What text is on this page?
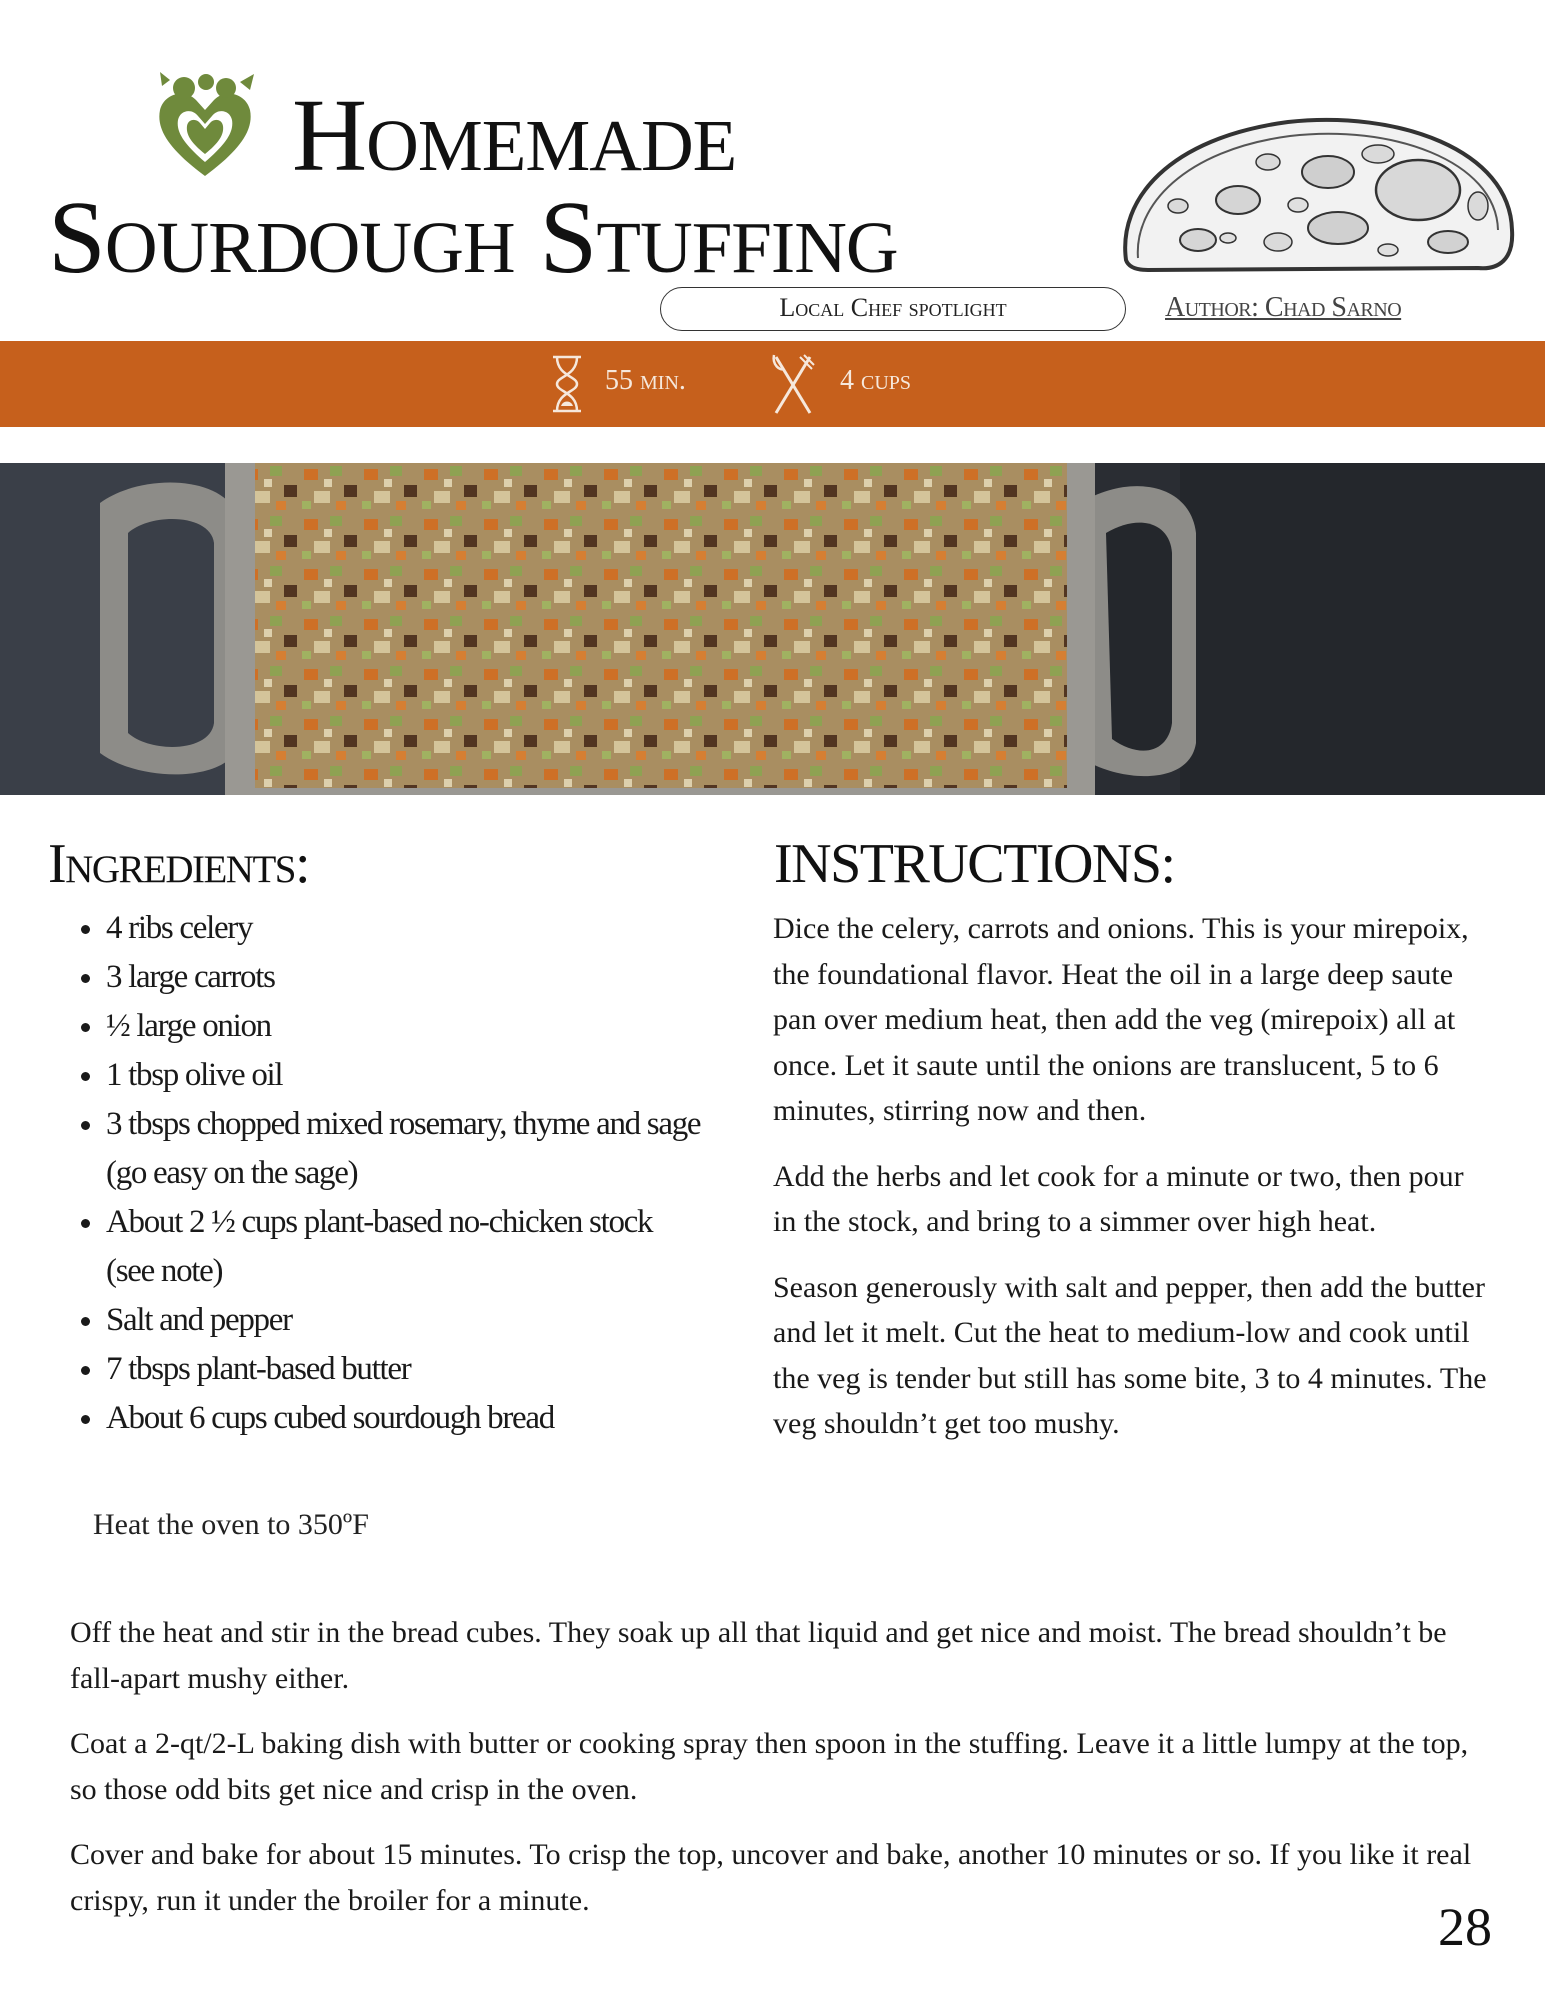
Homemade
Sourdough Stuffing
Local Chef spotlight	Author: Chad Sarno
55 min.	4 cups
Ingredients:	INSTRUCTIONS:
• 4 ribs celery
• 3 large carrots
• ½ large onion
• 1 tbsp olive oil
• 3 tbsps chopped mixed rosemary, thyme and sage (go easy on the sage)
• About 2 ½ cups plant-based no-chicken stock (see note)
• Salt and pepper
• 7 tbsps plant-based butter
• About 6 cups cubed sourdough bread
Heat the oven to 350ºF

Dice the celery, carrots and onions. This is your mirepoix, the foundational flavor. Heat the oil in a large deep saute pan over medium heat, then add the veg (mirepoix) all at once. Let it saute until the onions are translucent, 5 to 6 minutes, stirring now and then.

Add the herbs and let cook for a minute or two, then pour in the stock, and bring to a simmer over high heat.

Season generously with salt and pepper, then add the butter and let it melt. Cut the heat to medium-low and cook until the veg is tender but still has some bite, 3 to 4 minutes. The veg shouldn’t get too mushy.

Off the heat and stir in the bread cubes. They soak up all that liquid and get nice and moist. The bread shouldn’t be fall-apart mushy either.

Coat a 2-qt/2-L baking dish with butter or cooking spray then spoon in the stuffing. Leave it a little lumpy at the top, so those odd bits get nice and crisp in the oven.

Cover and bake for about 15 minutes. To crisp the top, uncover and bake, another 10 minutes or so. If you like it real crispy, run it under the broiler for a minute.	28
